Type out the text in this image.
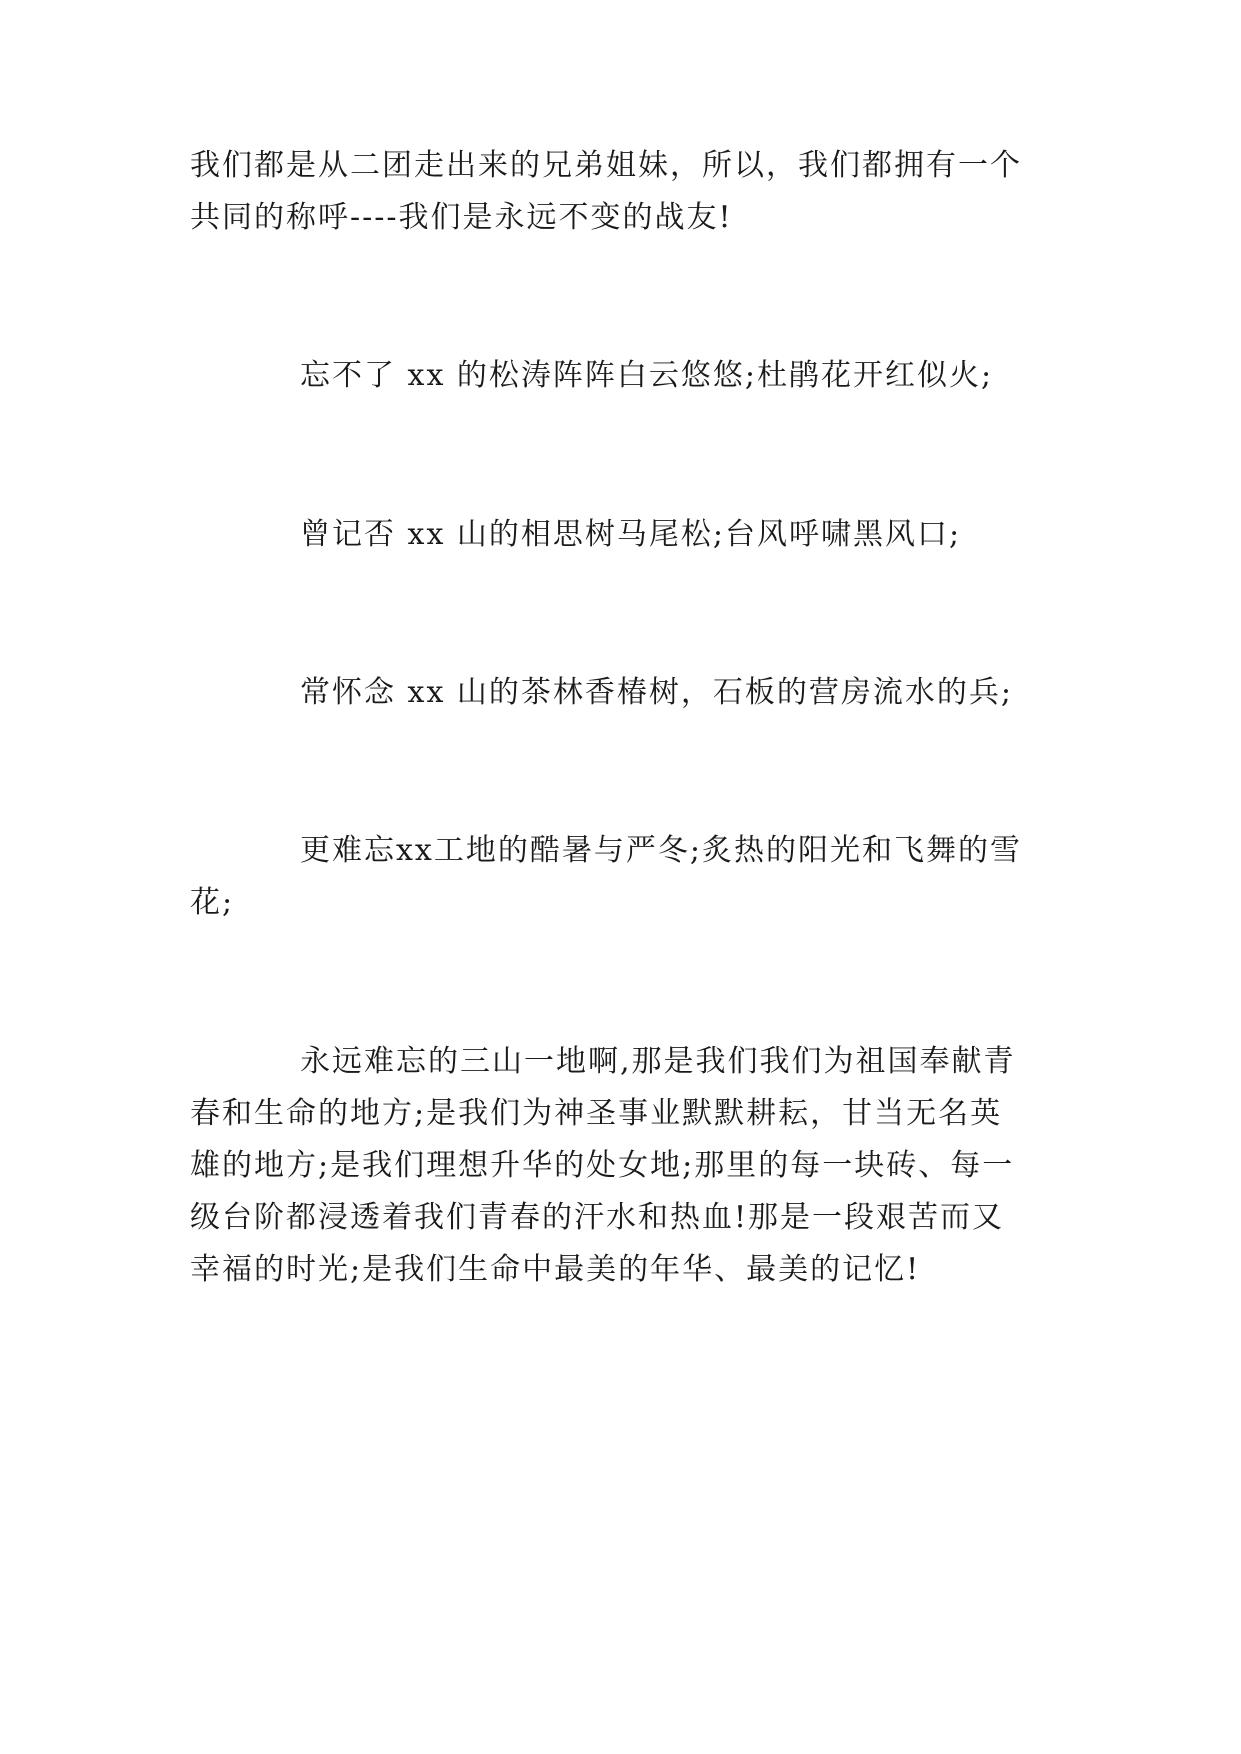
我们都是从二团走出来的兄弟姐妹，所以，我们都拥有一个
共同的称呼----我们是永远不变的战友!
忘不了 xx 的松涛阵阵白云悠悠;杜鹃花开红似火;
曾记否 xx 山的相思树马尾松;台风呼啸黑风口;
常怀念 xx 山的茶林香椿树，石板的营房流水的兵;
更难忘xx工地的酷暑与严冬;炙热的阳光和飞舞的雪
花;
永远难忘的三山一地啊,那是我们我们为祖国奉献青
春和生命的地方;是我们为神圣事业默默耕耘，甘当无名英
雄的地方;是我们理想升华的处女地;那里的每一块砖、每一
级台阶都浸透着我们青春的汗水和热血!那是一段艰苦而又
幸福的时光;是我们生命中最美的年华、最美的记忆!
